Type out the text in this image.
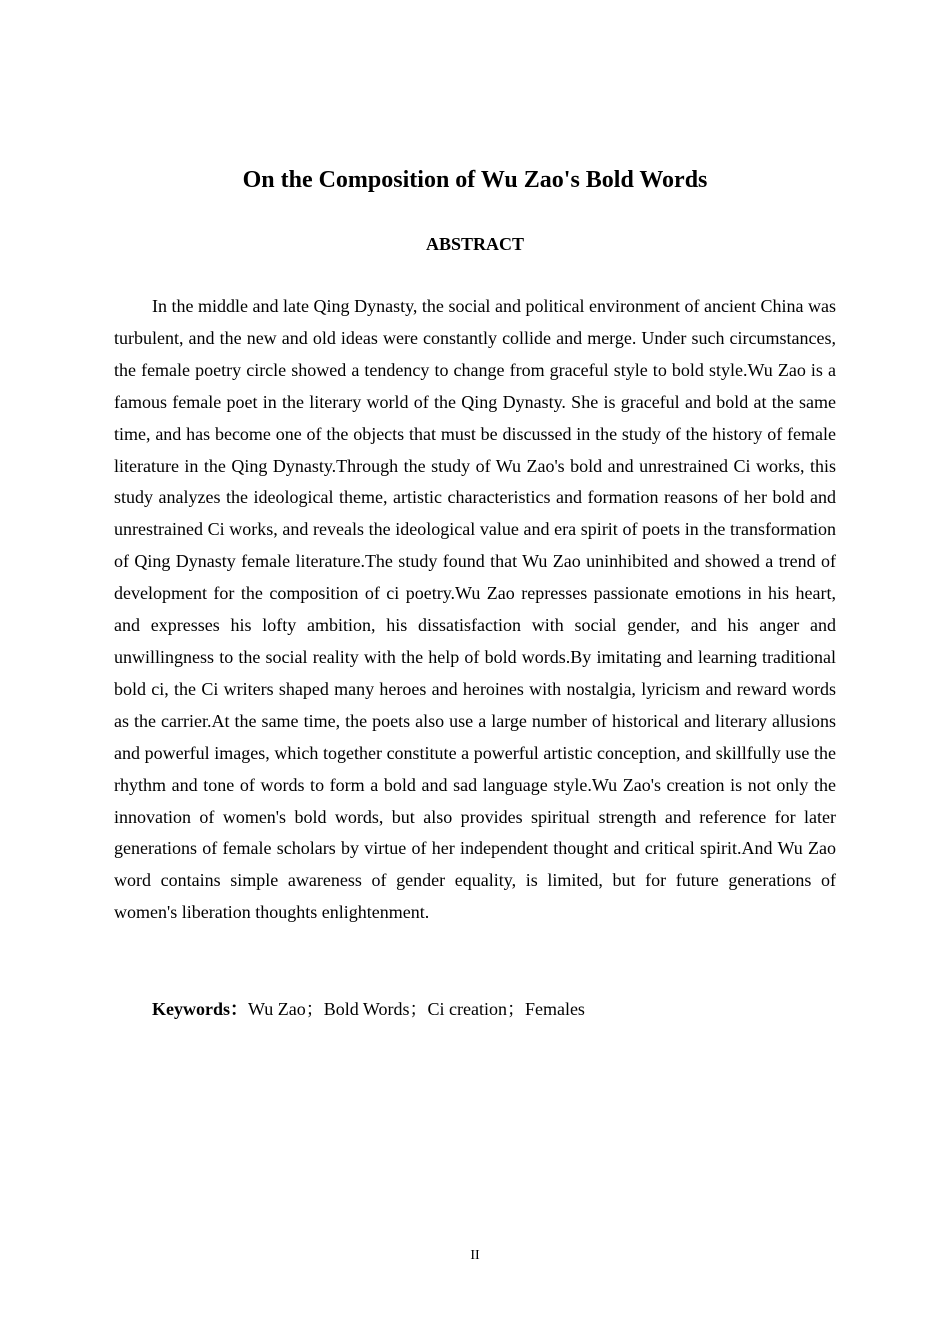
On the Composition of Wu Zao's Bold Words
ABSTRACT

In the middle and late Qing Dynasty, the social and political environment of ancient China was turbulent, and the new and old ideas were constantly collide and merge. Under such circumstances, the female poetry circle showed a tendency to change from graceful style to bold style.Wu Zao is a famous female poet in the literary world of the Qing Dynasty. She is graceful and bold at the same time, and has become one of the objects that must be discussed in the study of the history of female literature in the Qing Dynasty.Through the study of Wu Zao's bold and unrestrained Ci works, this study analyzes the ideological theme, artistic characteristics and formation reasons of her bold and unrestrained Ci works, and reveals the ideological value and era spirit of poets in the transformation of Qing Dynasty female literature.The study found that Wu Zao uninhibited and showed a trend of development for the composition of ci poetry.Wu Zao represses passionate emotions in his heart, and expresses his lofty ambition, his dissatisfaction with social gender, and his anger and unwillingness to the social reality with the help of bold words.By imitating and learning traditional bold ci, the Ci writers shaped many heroes and heroines with nostalgia, lyricism and reward words as the carrier.At the same time, the poets also use a large number of historical and literary allusions and powerful images, which together constitute a powerful artistic conception, and skillfully use the rhythm and tone of words to form a bold and sad language style.Wu Zao's creation is not only the innovation of women's bold words, but also provides spiritual strength and reference for later generations of female scholars by virtue of her independent thought and critical spirit.And Wu Zao word contains simple awareness of gender equality, is limited, but for future generations of women's liberation thoughts enlightenment.

Keywords：Wu Zao；Bold Words；Ci creation；Females

II
